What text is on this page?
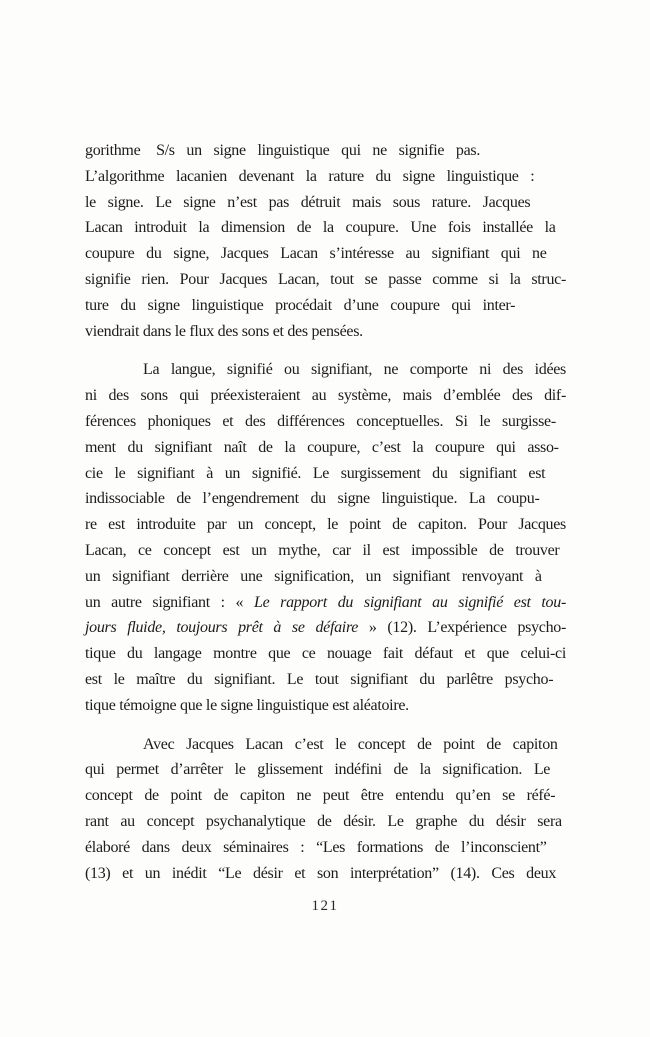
gorithme S/s un signe linguistique qui ne signifie pas.
L’algorithme lacanien devenant la rature du signe linguistique :
le signe. Le signe n’est pas détruit mais sous rature. Jacques
Lacan introduit la dimension de la coupure. Une fois installée la
coupure du signe, Jacques Lacan s’intéresse au signifiant qui ne
signifie rien. Pour Jacques Lacan, tout se passe comme si la struc-
ture du signe linguistique procédait d’une coupure qui inter-
viendrait dans le flux des sons et des pensées.
La langue, signifié ou signifiant, ne comporte ni des idées
ni des sons qui préexisteraient au système, mais d’emblée des dif-
férences phoniques et des différences conceptuelles. Si le surgisse-
ment du signifiant naît de la coupure, c’est la coupure qui asso-
cie le signifiant à un signifié. Le surgissement du signifiant est
indissociable de l’engendrement du signe linguistique. La coupu-
re est introduite par un concept, le point de capiton. Pour Jacques
Lacan, ce concept est un mythe, car il est impossible de trouver
un signifiant derrière une signification, un signifiant renvoyant à
un autre signifiant : « Le rapport du signifiant au signifié est tou-
jours fluide, toujours prêt à se défaire » (12). L’expérience psycho-
tique du langage montre que ce nouage fait défaut et que celui-ci
est le maître du signifiant. Le tout signifiant du parlêtre psycho-
tique témoigne que le signe linguistique est aléatoire.
Avec Jacques Lacan c’est le concept de point de capiton
qui permet d’arrêter le glissement indéfini de la signification. Le
concept de point de capiton ne peut être entendu qu’en se réfé-
rant au concept psychanalytique de désir. Le graphe du désir sera
élaboré dans deux séminaires : “Les formations de l’inconscient”
(13) et un inédit “Le désir et son interprétation” (14). Ces deux
121
